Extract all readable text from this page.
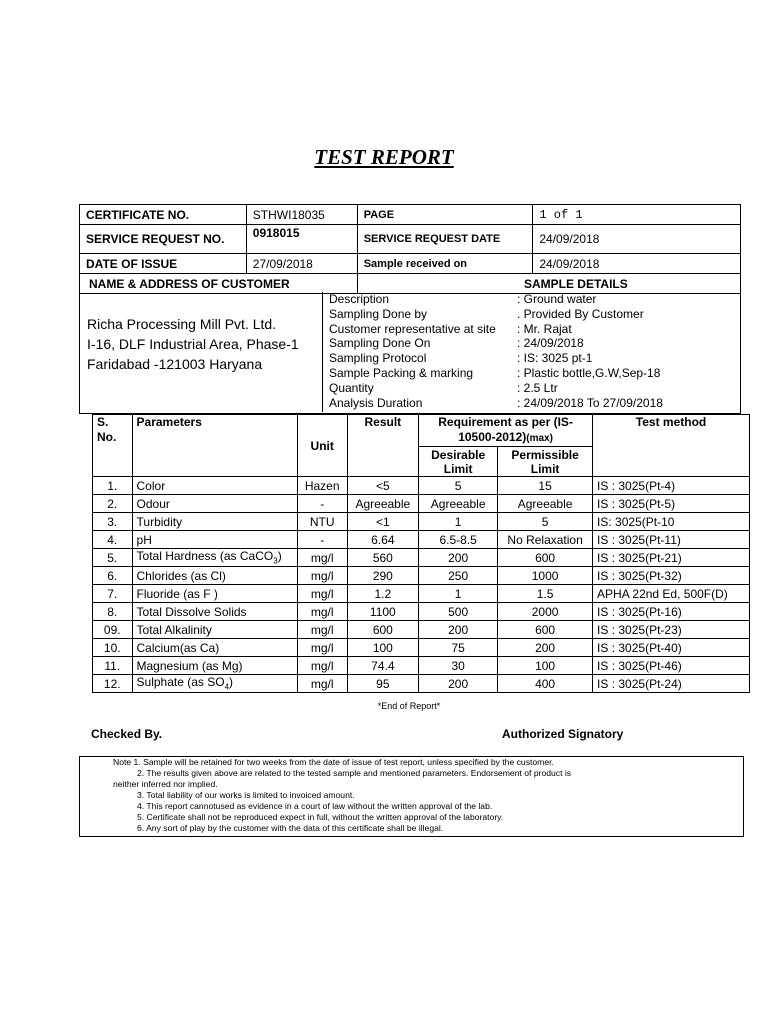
TEST REPORT
CERTIFICATE NO.	STHWI18035	PAGE	1 of 1
SERVICE REQUEST NO.	0918015	SERVICE REQUEST DATE	24/09/2018
DATE OF ISSUE	27/09/2018	Sample received on	24/09/2018
NAME & ADDRESS OF CUSTOMER		SAMPLE DETAILS	
Richa Processing Mill Pvt. Ltd.
I-16, DLF Industrial Area, Phase-1
Faridabad -121003 Haryana
Description	: Ground water
Sampling Done by	. Provided By Customer
Customer representative at site : Mr. Rajat
Sampling Done On	: 24/09/2018
Sampling Protocol	: IS: 3025 pt-1
Sample Packing & marking	: Plastic bottle,G.W,Sep-18
Quantity	: 2.5 Ltr
Analysis Duration	: 24/09/2018 To 27/09/2018
S. No.	Parameters	Unit	Result	Requirement as per (IS-10500-2012)(max)		Test method
				Desirable Limit	Permissible Limit	
1.	Color	Hazen	<5	5	15	IS : 3025(Pt-4)
2.	Odour	-	Agreeable	Agreeable	Agreeable	IS : 3025(Pt-5)
3.	Turbidity	NTU	<1	1	5	IS: 3025(Pt-10
4.	pH	-	6.64	6.5-8.5	No Relaxation	IS : 3025(Pt-11)
5.	Total Hardness (as CaCO$_3$)	mg/l	560	200	600	IS : 3025(Pt-21)
6.	Chlorides (as Cl)	mg/l	290	250	1000	IS : 3025(Pt-32)
7.	Fluoride (as F )	mg/l	1.2	1	1.5	APHA 22nd Ed, 500F(D)
8.	Total Dissolve Solids	mg/l	1100	500	2000	IS : 3025(Pt-16)
09.	Total Alkalinity	mg/l	600	200	600	IS : 3025(Pt-23)
10.	Calcium(as Ca)	mg/l	100	75	200	IS : 3025(Pt-40)
11.	Magnesium (as Mg)	mg/l	74.4	30	100	IS : 3025(Pt-46)
12.	Sulphate (as $SO_4$)	mg/l	95	200	400	IS : 3025(Pt-24)
*End of Report*
Checked By.	Authorized Signatory
Note 1. Sample will be retained for two weeks from the date of issue of test report, unless specified by the customer.
2. The results given above are related to the tested sample and mentioned parameters. Endorsement of product is
neither inferred nor implied.
3. Total liability of our works is limited to invoiced amount.
4. This report cannotused as evidence in a court of law without the written approval of the lab.
5. Certificate shall not be reproduced expect in full, without the written approval of the laboratory.
6. Any sort of play by the customer with the data of this certificate shall be illegal.
